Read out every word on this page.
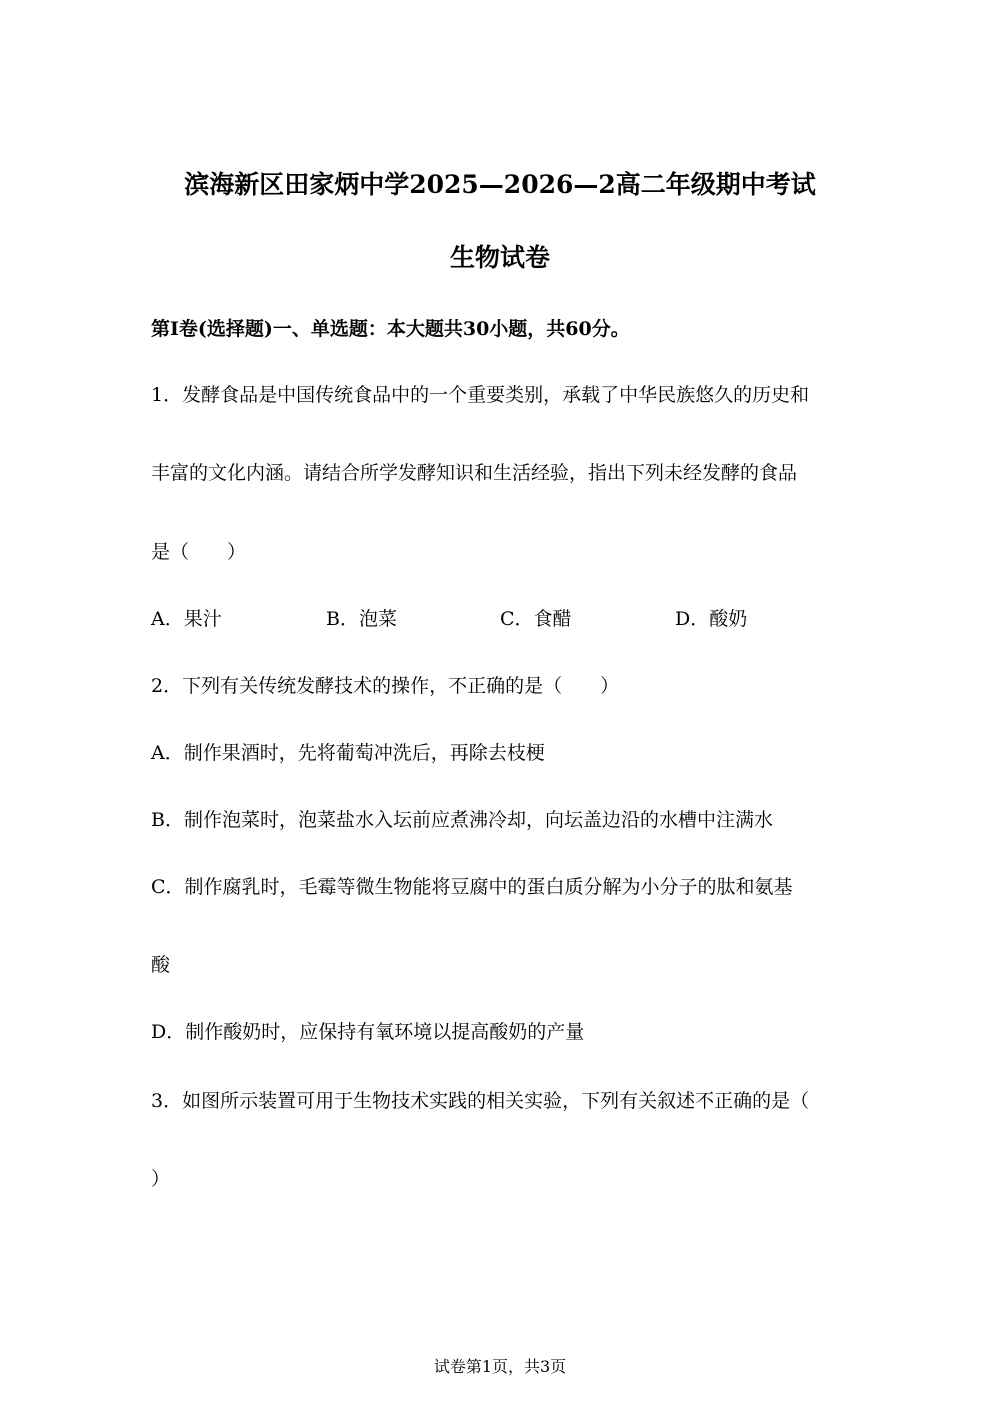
滨海新区田家炳中学2025—2026—2高二年级期中考试
生物试卷
第Ⅰ卷(选择题)一、单选题：本大题共30小题，共60分。
1．发酵食品是中国传统食品中的一个重要类别，承载了中华民族悠久的历史和
丰富的文化内涵。请结合所学发酵知识和生活经验，指出下列未经发酵的食品
是（　　）
A．果汁	B．泡菜	C．食醋	D．酸奶
2．下列有关传统发酵技术的操作，不正确的是（　　）
A．制作果酒时，先将葡萄冲洗后，再除去枝梗
B．制作泡菜时，泡菜盐水入坛前应煮沸冷却，向坛盖边沿的水槽中注满水
C．制作腐乳时，毛霉等微生物能将豆腐中的蛋白质分解为小分子的肽和氨基
酸
D．制作酸奶时，应保持有氧环境以提高酸奶的产量
3．如图所示装置可用于生物技术实践的相关实验，下列有关叙述不正确的是（
）
试卷第1页，共3页
